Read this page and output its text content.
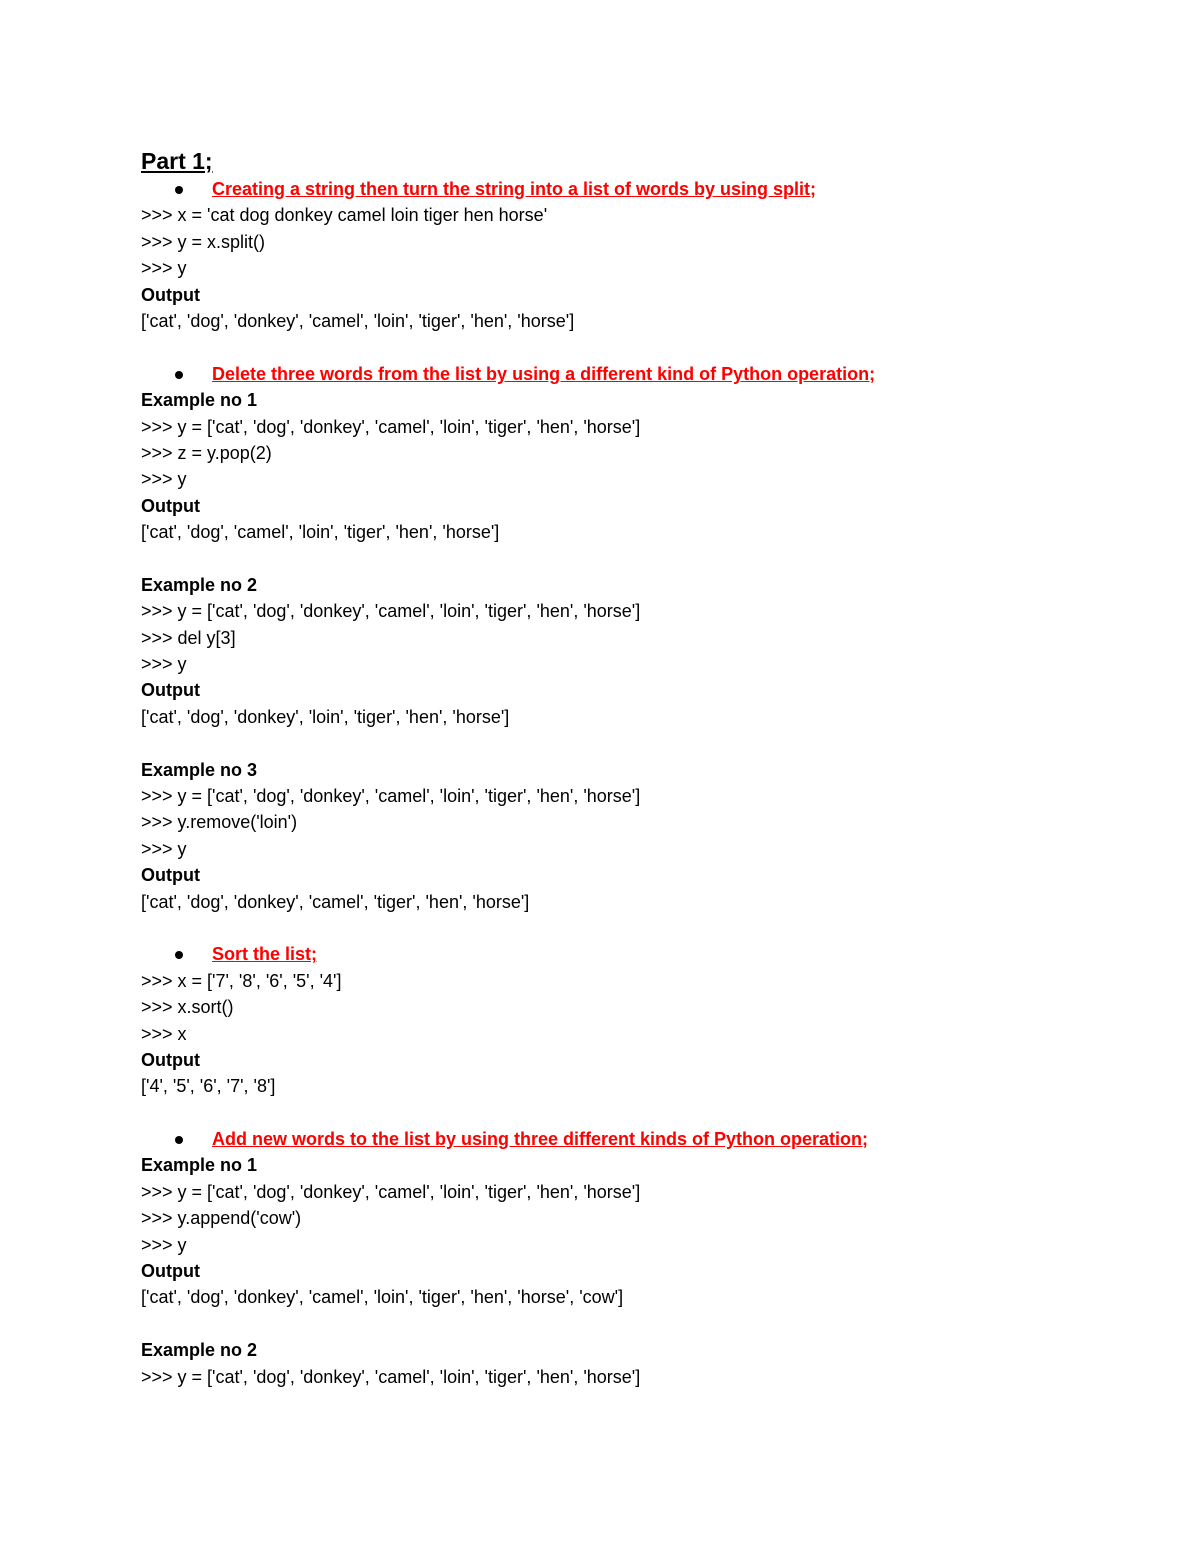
Part 1;

Creating a string then turn the string into a list of words by using split;

>>> x = 'cat dog donkey camel loin tiger hen horse'
>>> y = x.split()
>>> y
Output
['cat', 'dog', 'donkey', 'camel', 'loin', 'tiger', 'hen', 'horse']

Delete three words from the list by using a different kind of Python operation;

Example no 1
>>> y = ['cat', 'dog', 'donkey', 'camel', 'loin', 'tiger', 'hen', 'horse']
>>> z = y.pop(2)
>>> y
Output
['cat', 'dog', 'camel', 'loin', 'tiger', 'hen', 'horse']
Example no 2
>>> y = ['cat', 'dog', 'donkey', 'camel', 'loin', 'tiger', 'hen', 'horse']
>>> del y[3]
>>> y
Output
['cat', 'dog', 'donkey', 'loin', 'tiger', 'hen', 'horse']
Example no 3
>>> y = ['cat', 'dog', 'donkey', 'camel', 'loin', 'tiger', 'hen', 'horse']
>>> y.remove('loin')
>>> y
Output
['cat', 'dog', 'donkey', 'camel', 'tiger', 'hen', 'horse']

Sort the list;

>>> x = ['7', '8', '6', '5', '4']
>>> x.sort()
>>> x
Output
['4', '5', '6', '7', '8']

Add new words to the list by using three different kinds of Python operation;

Example no 1
>>> y = ['cat', 'dog', 'donkey', 'camel', 'loin', 'tiger', 'hen', 'horse']
>>> y.append('cow')
>>> y
Output
['cat', 'dog', 'donkey', 'camel', 'loin', 'tiger', 'hen', 'horse', 'cow']
Example no 2
>>> y = ['cat', 'dog', 'donkey', 'camel', 'loin', 'tiger', 'hen', 'horse']
